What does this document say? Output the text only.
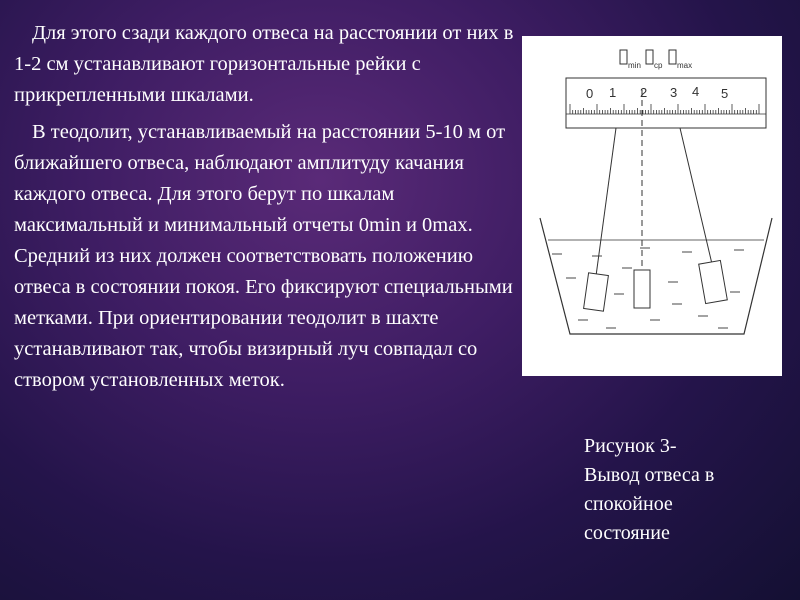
Для этого сзади каждого отвеса на расстоянии от них в 1-2 см устанавливают горизонтальные рейки с прикрепленными шкалами.

В теодолит, устанавливаемый на расстоянии 5-10 м от ближайшего отвеса, наблюдают амплитуду качания каждого отвеса. Для этого берут по шкалам максимальный и минимальный отчеты 0min и 0max. Средний из них должен соответствовать положению отвеса в состоянии покоя. Его фиксируют специальными метками. При ориентировании теодолит в шахте устанавливают так, чтобы визирный луч совпадал со створом установленных меток.

min cp max
0 1 2 3 4 5
Рисунок 3-
Вывод отвеса в
спокойное
состояние
